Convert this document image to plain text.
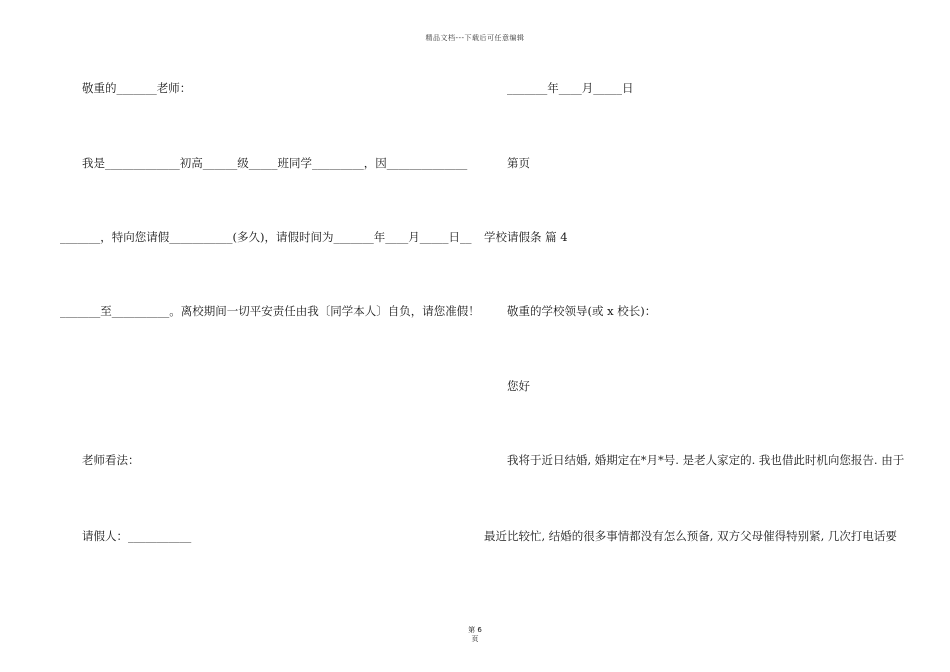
精品文档---下载后可任意编辑
敬重的_______老师：
我是_____________初高______级_____班同学_________，因______________
_______，特向您请假___________(多久)，请假时间为_______年____月_____日__
_______至__________。离校期间一切平安责任由我〔同学本人〕自负，请您准假！
老师看法：
请假人：___________
_______年____月_____日
第页
学校请假条 篇 4
敬重的学校领导(或 x 校长)：
您好
我将于近日结婚, 婚期定在*月*号. 是老人家定的. 我也借此时机向您报告. 由于
最近比较忙, 结婚的很多事情都没有怎么预备, 双方父母催得特别紧, 几次打电话要
第 6
页
